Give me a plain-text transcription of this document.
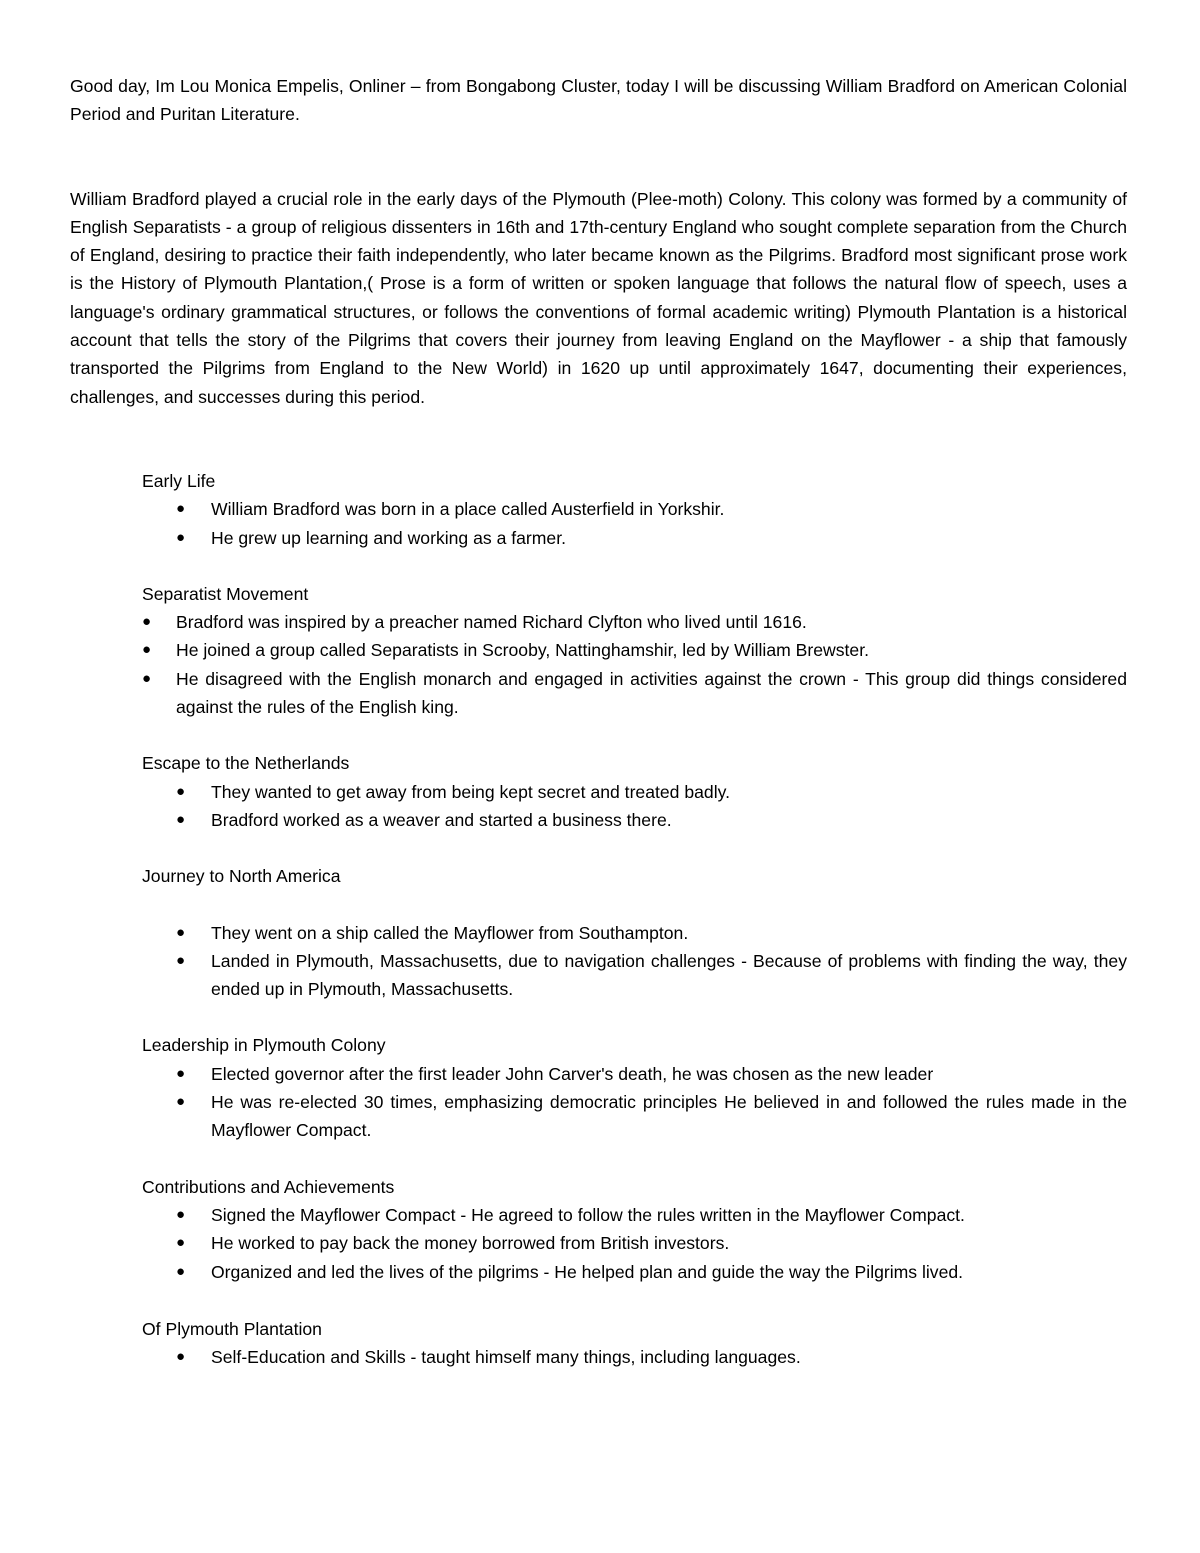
Good day, Im Lou Monica Empelis, Onliner – from Bongabong Cluster, today I will be discussing William Bradford on American Colonial Period and Puritan Literature.

William Bradford played a crucial role in the early days of the Plymouth (Plee-moth) Colony. This colony was formed by a community of English Separatists - a group of religious dissenters in 16th and 17th-century England who sought complete separation from the Church of England, desiring to practice their faith independently, who later became known as the Pilgrims. Bradford most significant prose work is the History of Plymouth Plantation,( Prose is a form of written or spoken language that follows the natural flow of speech, uses a language's ordinary grammatical structures, or follows the conventions of formal academic writing) Plymouth Plantation is a historical account that tells the story of the Pilgrims that covers their journey from leaving England on the Mayflower - a ship that famously transported the Pilgrims from England to the New World) in 1620 up until approximately 1647, documenting their experiences, challenges, and successes during this period.

Early Life

● William Bradford was born in a place called Austerfield in Yorkshir.
● He grew up learning and working as a farmer.

Separatist Movement

● Bradford was inspired by a preacher named Richard Clyfton who lived until 1616.
● He joined a group called Separatists in Scrooby, Nattinghamshir, led by William Brewster.
● He disagreed with the English monarch and engaged in activities against the crown - This group did things considered against the rules of the English king.

Escape to the Netherlands

● They wanted to get away from being kept secret and treated badly.
● Bradford worked as a weaver and started a business there.

Journey to North America

● They went on a ship called the Mayflower from Southampton.
● Landed in Plymouth, Massachusetts, due to navigation challenges - Because of problems with finding the way, they ended up in Plymouth, Massachusetts.

Leadership in Plymouth Colony

● Elected governor after the first leader John Carver's death, he was chosen as the new leader
● He was re-elected 30 times, emphasizing democratic principles He believed in and followed the rules made in the Mayflower Compact.

Contributions and Achievements

● Signed the Mayflower Compact - He agreed to follow the rules written in the Mayflower Compact.
● He worked to pay back the money borrowed from British investors.
● Organized and led the lives of the pilgrims - He helped plan and guide the way the Pilgrims lived.

Of Plymouth Plantation

● Self-Education and Skills - taught himself many things, including languages.
